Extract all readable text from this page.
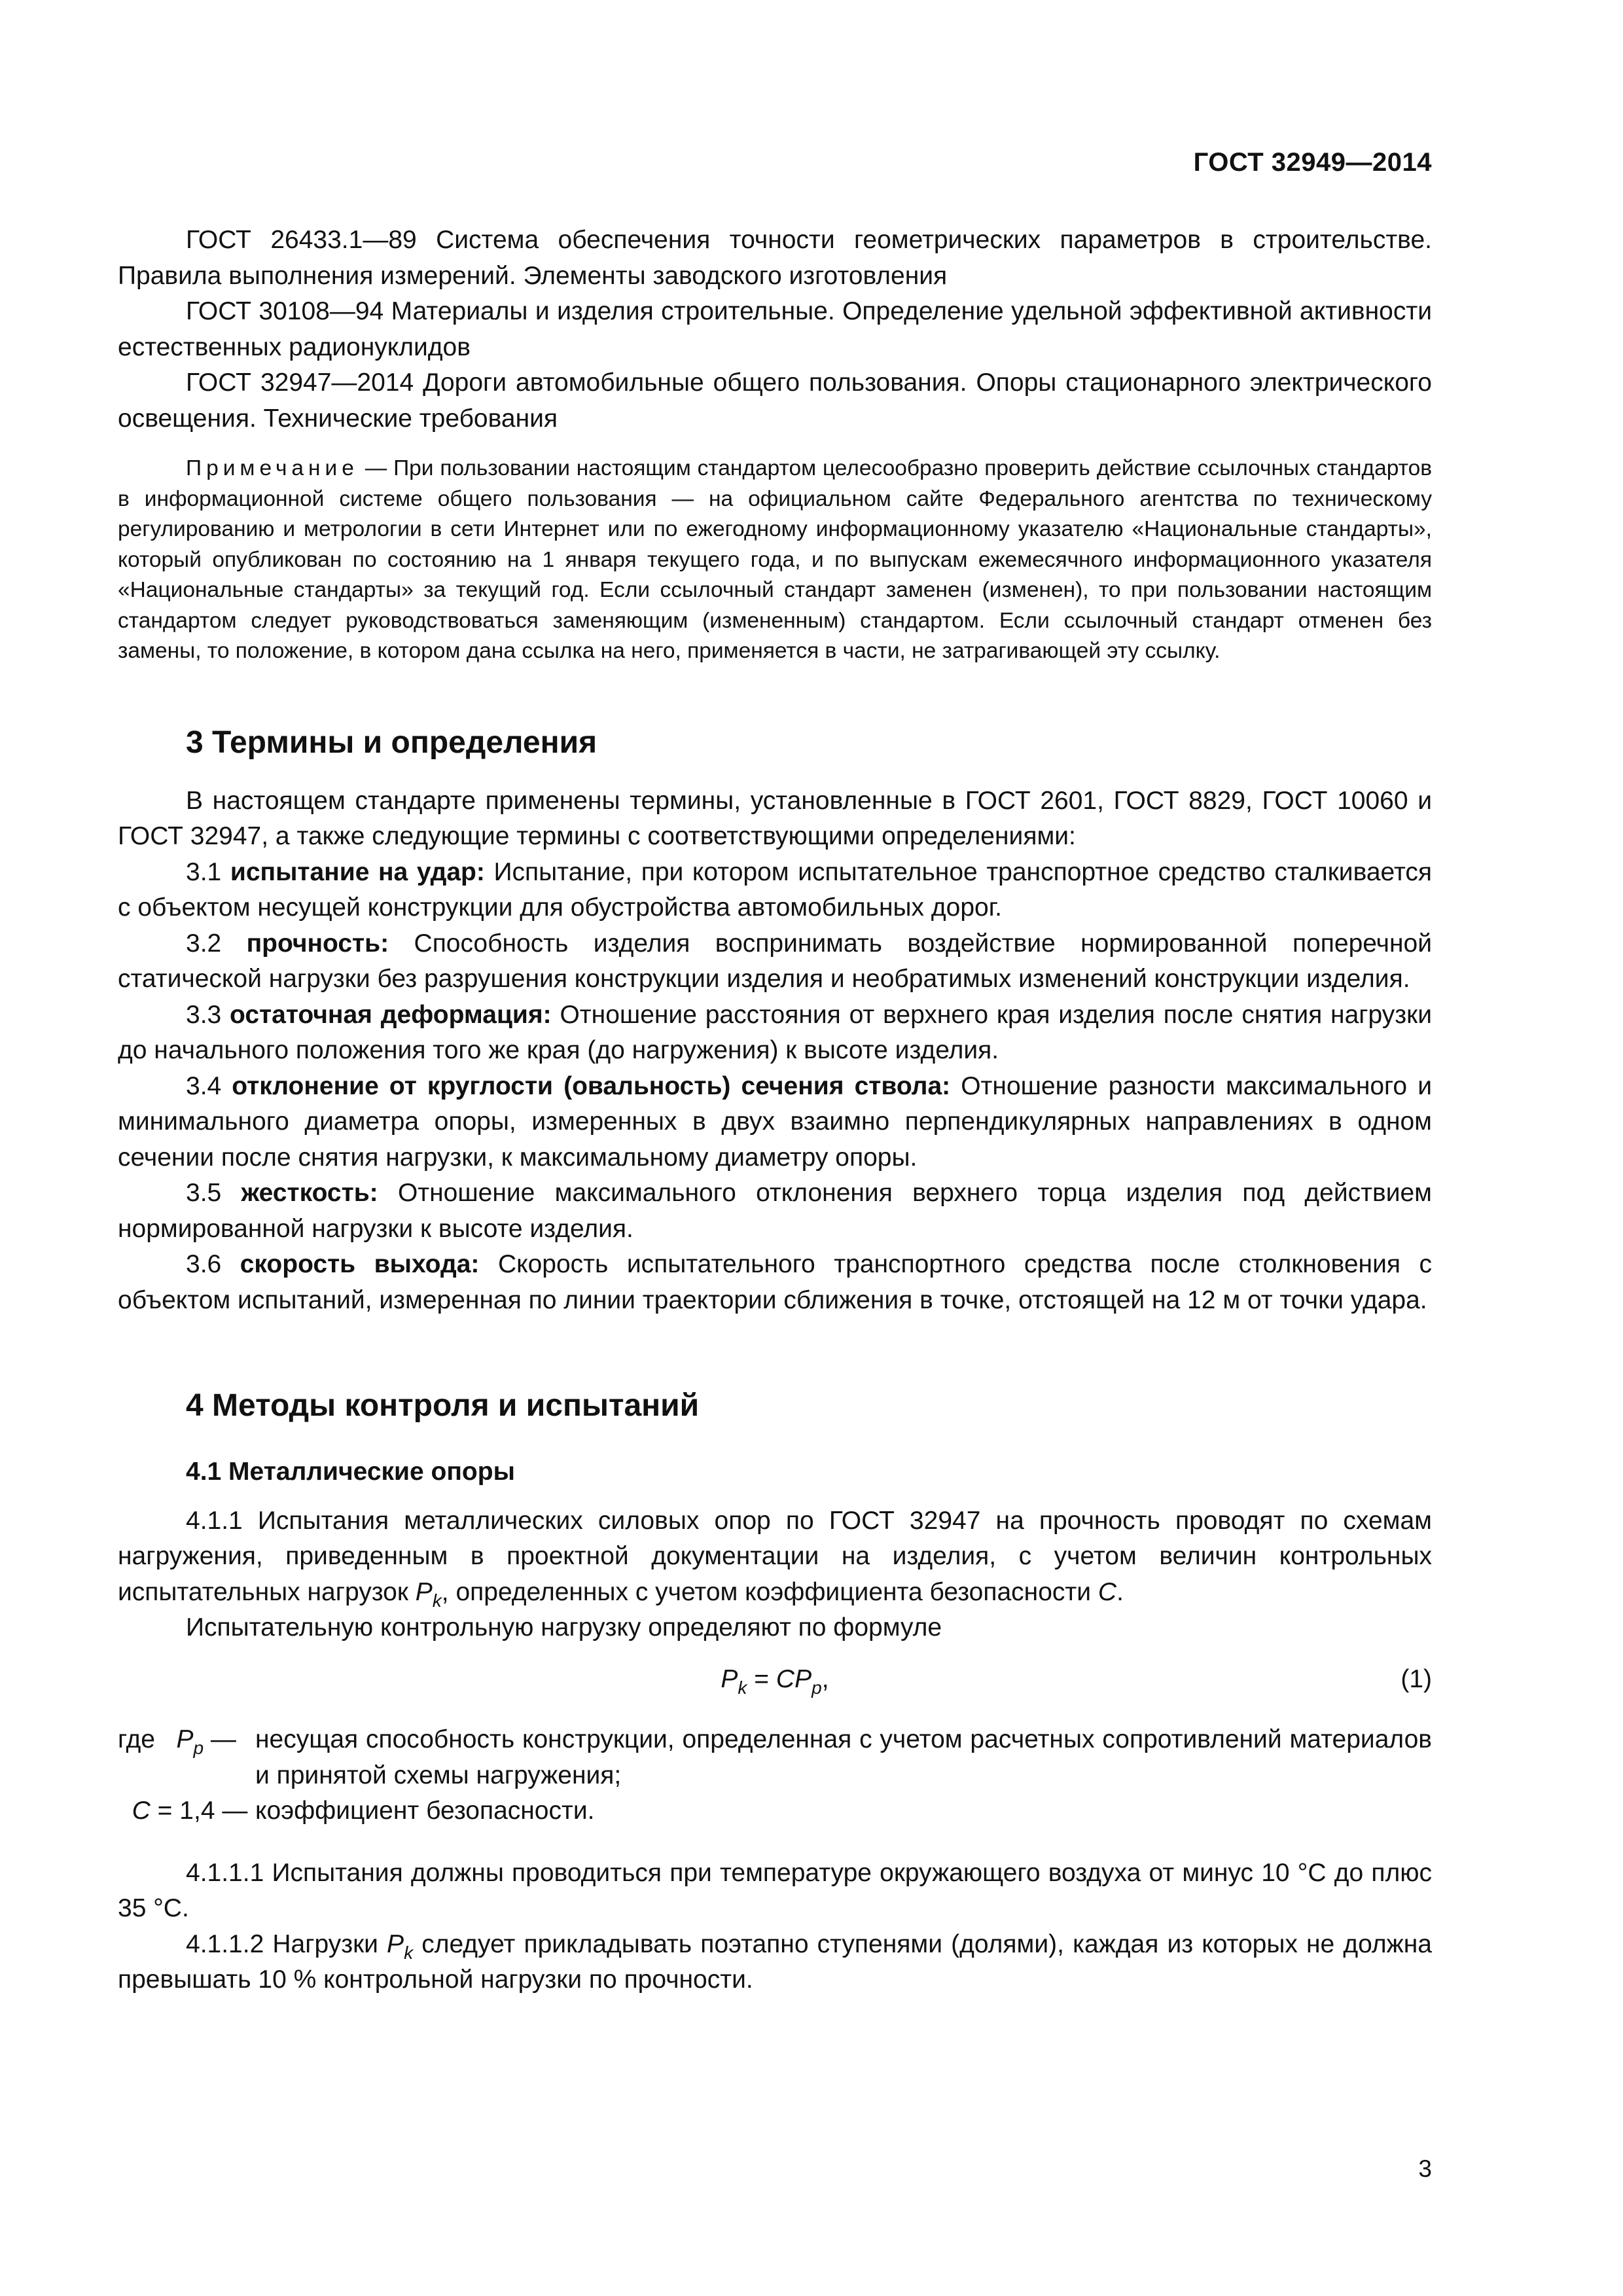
ГОСТ 32949—2014

ГОСТ 26433.1—89 Система обеспечения точности геометрических параметров в строительстве. Правила выполнения измерений. Элементы заводского изготовления

ГОСТ 30108—94 Материалы и изделия строительные. Определение удельной эффективной активности естественных радионуклидов

ГОСТ 32947—2014 Дороги автомобильные общего пользования. Опоры стационарного электрического освещения. Технические требования

Примечание — При пользовании настоящим стандартом целесообразно проверить действие ссылочных стандартов в информационной системе общего пользования — на официальном сайте Федерального агентства по техническому регулированию и метрологии в сети Интернет или по ежегодному информационному указателю «Национальные стандарты», который опубликован по состоянию на 1 января текущего года, и по выпускам ежемесячного информационного указателя «Национальные стандарты» за текущий год. Если ссылочный стандарт заменен (изменен), то при пользовании настоящим стандартом следует руководствоваться заменяющим (измененным) стандартом. Если ссылочный стандарт отменен без замены, то положение, в котором дана ссылка на него, применяется в части, не затрагивающей эту ссылку.

3 Термины и определения

В настоящем стандарте применены термины, установленные в ГОСТ 2601, ГОСТ 8829, ГОСТ 10060 и ГОСТ 32947, а также следующие термины с соответствующими определениями:

3.1 испытание на удар: Испытание, при котором испытательное транспортное средство сталкивается с объектом несущей конструкции для обустройства автомобильных дорог.

3.2 прочность: Способность изделия воспринимать воздействие нормированной поперечной статической нагрузки без разрушения конструкции изделия и необратимых изменений конструкции изделия.

3.3 остаточная деформация: Отношение расстояния от верхнего края изделия после снятия нагрузки до начального положения того же края (до нагружения) к высоте изделия.

3.4 отклонение от круглости (овальность) сечения ствола: Отношение разности максимального и минимального диаметра опоры, измеренных в двух взаимно перпендикулярных направлениях в одном сечении после снятия нагрузки, к максимальному диаметру опоры.

3.5 жесткость: Отношение максимального отклонения верхнего торца изделия под действием нормированной нагрузки к высоте изделия.

3.6 скорость выхода: Скорость испытательного транспортного средства после столкновения с объектом испытаний, измеренная по линии траектории сближения в точке, отстоящей на 12 м от точки удара.

4 Методы контроля и испытаний
4.1 Металлические опоры

4.1.1 Испытания металлических силовых опор по ГОСТ 32947 на прочность проводят по схемам нагружения, приведенным в проектной документации на изделия, с учетом величин контрольных испытательных нагрузок $P_k$, определенных с учетом коэффициента безопасности C.

Испытательную контрольную нагрузку определяют по формуле

$P_k = CP_p$,	(1)
где $P_p$ — несущая способность конструкции, определенная с учетом расчетных сопротивлений материалов и принятой схемы нагружения;
C = 1,4 — коэффициент безопасности.

4.1.1.1 Испытания должны проводиться при температуре окружающего воздуха от минус 10 °С до плюс 35 °С.

4.1.1.2 Нагрузки $P_k$ следует прикладывать поэтапно ступенями (долями), каждая из которых не должна превышать 10 % контрольной нагрузки по прочности.

3
